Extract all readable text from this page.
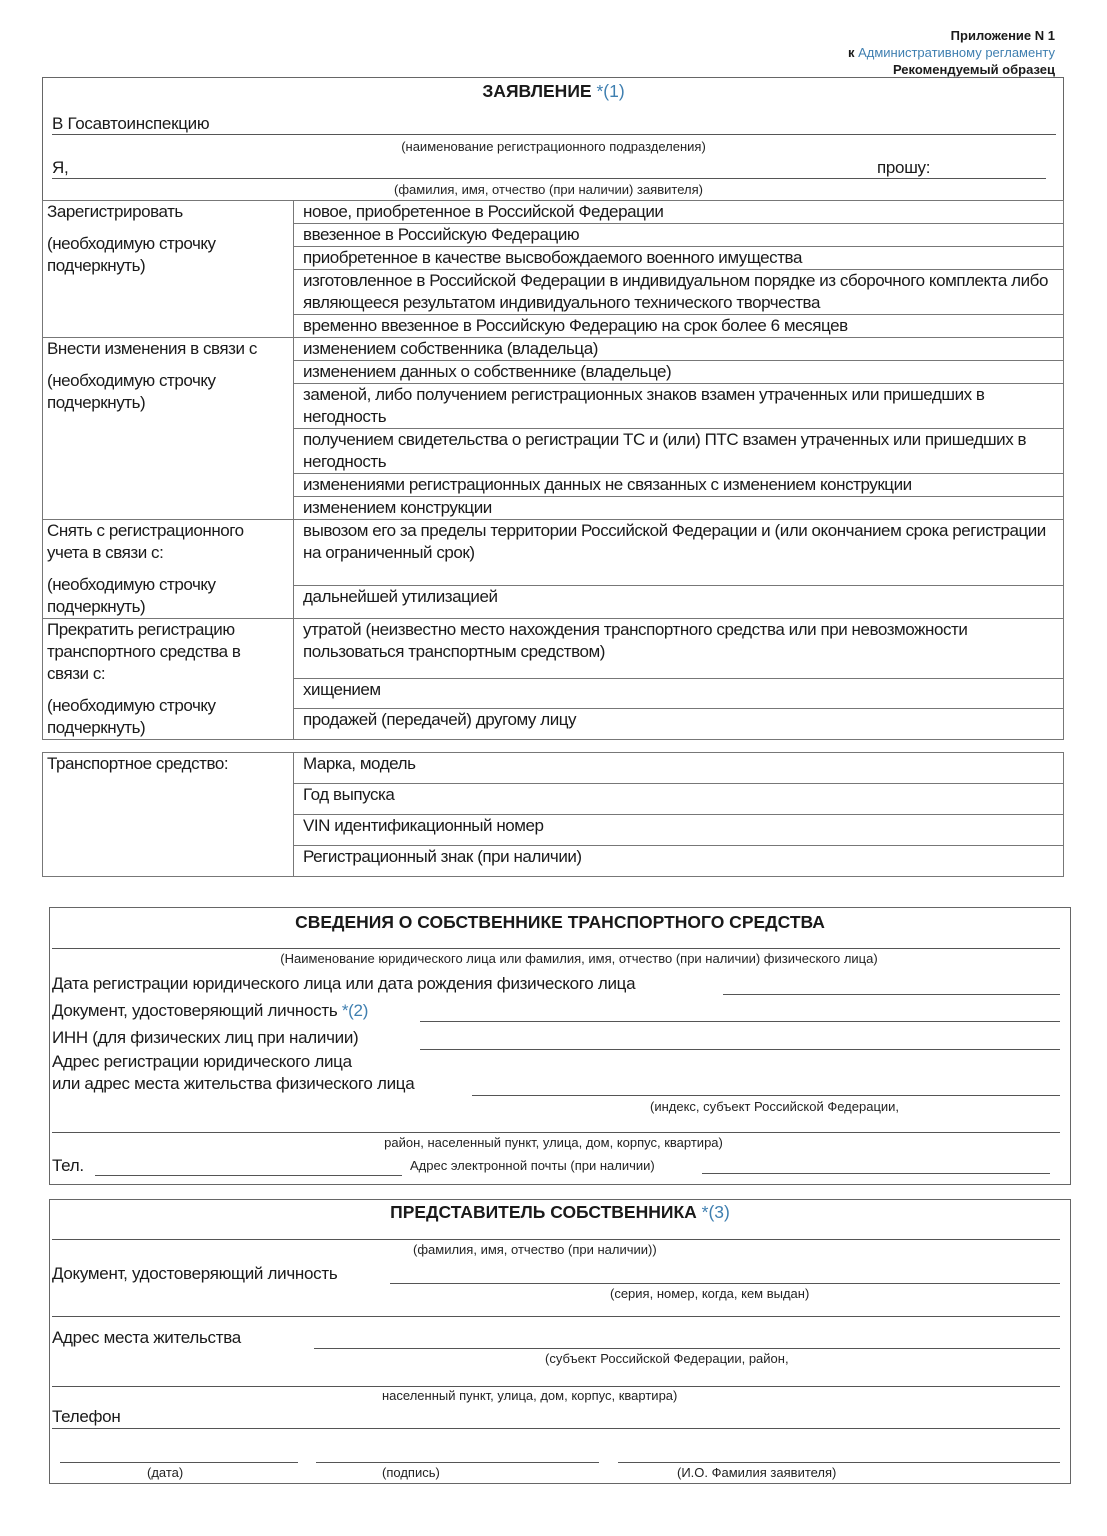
Приложение N 1
к Административному регламенту
Рекомендуемый образец
ЗАЯВЛЕНИЕ *(1)
В Госавтоинспекцию
(наименование регистрационного подразделения)
Я,	прошу:
(фамилия, имя, отчество (при наличии) заявителя)

Зарегистрировать

(необходимую строчку

подчеркнуть)	новое, приобретенное в Российской Федерации
	ввезенное в Российскую Федерацию
	приобретенное в качестве высвобождаемого военного имущества
	изготовленное в Российской Федерации в индивидуальном порядке из сборочного комплекта либо являющееся результатом индивидуального технического творчества
	временно ввезенное в Российскую Федерацию на срок более 6 месяцев

Внести изменения в связи с

(необходимую строчку

подчеркнуть)	изменением собственника (владельца)
	изменением данных о собственнике (владельце)
	заменой, либо получением регистрационных знаков взамен утраченных или пришедших в негодность
	получением свидетельства о регистрации ТС и (или) ПТС взамен утраченных или пришедших в негодность
	изменениями регистрационных данных не связанных с изменением конструкции
	изменением конструкции

Снять с регистрационного

учета в связи с:

(необходимую строчку

подчеркнуть)	вывозом его за пределы территории Российской Федерации и (или окончанием срока регистрации на ограниченный срок)
	дальнейшей утилизацией

Прекратить регистрацию

транспортного средства в

связи с:

(необходимую строчку

подчеркнуть)	утратой (неизвестно место нахождения транспортного средства или при невозможности пользоваться транспортным средством)
	хищением
	продажей (передачей) другому лицу
Транспортное средство:	Марка, модель
Год выпуска
VIN идентификационный номер
Регистрационный знак (при наличии)
СВЕДЕНИЯ О СОБСТВЕННИКЕ ТРАНСПОРТНОГО СРЕДСТВА
(Наименование юридического лица или фамилия, имя, отчество (при наличии) физического лица)
Дата регистрации юридического лица или дата рождения физического лица
Документ, удостоверяющий личность *(2)
ИНН (для физических лиц при наличии)
Адрес регистрации юридического лица
или адрес места жительства физического лица
(индекс, субъект Российской Федерации,
район, населенный пункт, улица, дом, корпус, квартира)
Тел.	Адрес электронной почты (при наличии)
ПРЕДСТАВИТЕЛЬ СОБСТВЕННИКА *(3)
(фамилия, имя, отчество (при наличии))
Документ, удостоверяющий личность
(серия, номер, когда, кем выдан)
Адрес места жительства
(субъект Российской Федерации, район,
населенный пункт, улица, дом, корпус, квартира)
Телефон
(дата)	(подпись)	(И.О. Фамилия заявителя)
